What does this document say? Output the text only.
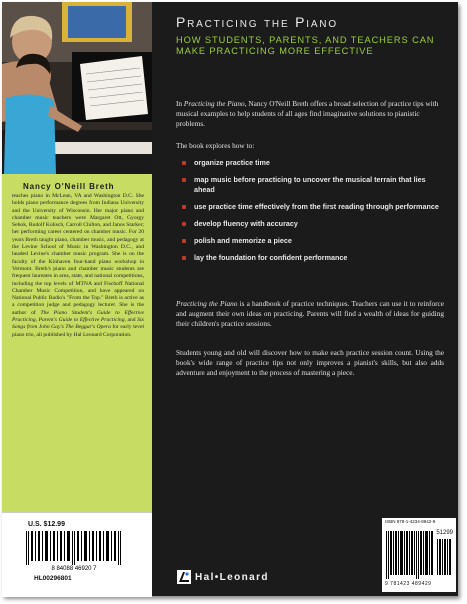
Nancy O'Neill Breth
teaches piano in McLean, VA and Washington D.C. She holds piano performance degrees from Indiana University and the University of Wisconsin. Her major piano and chamber music teachers were Margaret Ott, Gyorgy Sebok, Rudolf Kolisch, Carroll Chilton, and Janos Starker; her performing career centered on chamber music. For 20 years Breth taught piano, chamber music, and pedagogy at the Levine School of Music in Washington D.C., and headed Levine's chamber music program. She is on the faculty of the Kinhaven four-hand piano workshop in Vermont. Breth's piano and chamber music students are frequent laureates in area, state, and national competitions, including the top levels of MTNA and Fischoff National Chamber Music Competition, and have appeared on National Public Radio's "From the Top." Breth is active as a competition judge and pedagogy lecturer. She is the author of The Piano Student's Guide to Effective Practicing, Parent's Guide to Effective Practicing, and Six Songs from John Gay's The Beggar's Opera for early level piano trio, all published by Hal Leonard Corporation.
U.S. $12.99
8 84088 46920 7
HL00296801
Practicing the Piano
HOW STUDENTS, PARENTS, AND TEACHERS CAN MAKE PRACTICING MORE EFFECTIVE
In Practicing the Piano, Nancy O'Neill Breth offers a broad selection of practice tips with musical examples to help students of all ages find imaginative solutions to pianistic problems.
The book explores how to:
organize practice time
map music before practicing to uncover the musical terrain that lies ahead
use practice time effectively from the first reading through performance
develop fluency with accuracy
polish and memorize a piece
lay the foundation for confident performance
Practicing the Piano is a handbook of practice techniques. Teachers can use it to reinforce and augment their own ideas on practicing. Parents will find a wealth of ideas for guiding their children's practice sessions.
Students young and old will discover how to make each practice session count. Using the book's wide range of practice tips not only improves a pianist's skills, but also adds adventure and enjoyment to the process of mastering a piece.
ISBN 978-1-4234-8942-9
51299
9 781423 489429
Hal•Leonard
